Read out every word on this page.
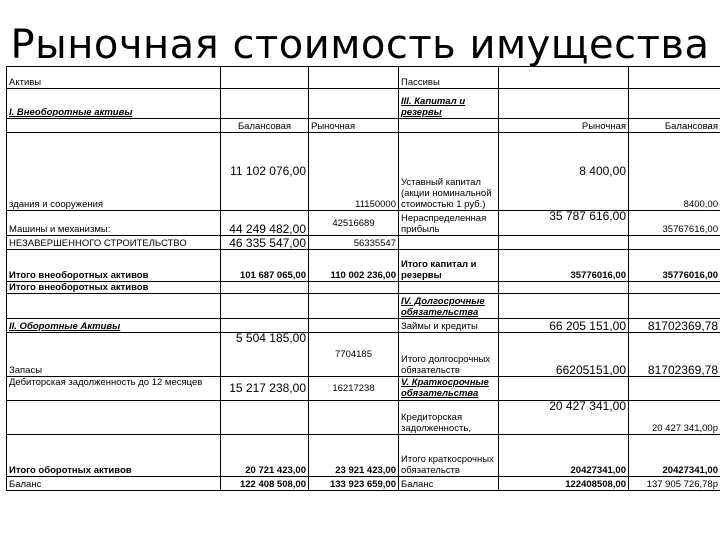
Рыночная стоимость имущества
Активы			Пассивы		
I. Внеоборотные активы			III. Капитал и резервы		
	Балансовая	Рыночная		Рыночная	Балансовая
здания и сооружения	11 102 076,00	11150000	Уставный капитал (акции номинальной стоимостью 1 руб.)	8 400,00	8400,00
Машины и механизмы:	44 249 482,00	42516689	Нераспределенная прибыль	35 787 616,00	35767616,00
НЕЗАВЕРШЕННОГО СТРОИТЕЛЬСТВО	46 335 547,00	56335547			
Итого внеоборотных активов	101 687 065,00	110 002 236,00	Итого капитал и резервы	35776016,00	35776016,00
Итого внеоборотных активов					
			IV. Долгосрочные обязательства		
II. Оборотные Активы			Займы и кредиты	66 205 151,00	81702369,78
Запасы	5 504 185,00	7704185	Итого долгосрочных обязательств	66205151,00	81702369,78
Дебиторская задолженность до 12 месяцев	15 217 238,00	16217238	V. Краткосрочные обязательства		
			Кредиторская задолженность,	20 427 341,00	20 427 341,00р
Итого оборотных активов	20 721 423,00	23 921 423,00	Итого краткосрочных обязательств	20427341,00	20427341,00
Баланс	122 408 508,00	133 923 659,00	Баланс	122408508,00	137 905 726,78р
